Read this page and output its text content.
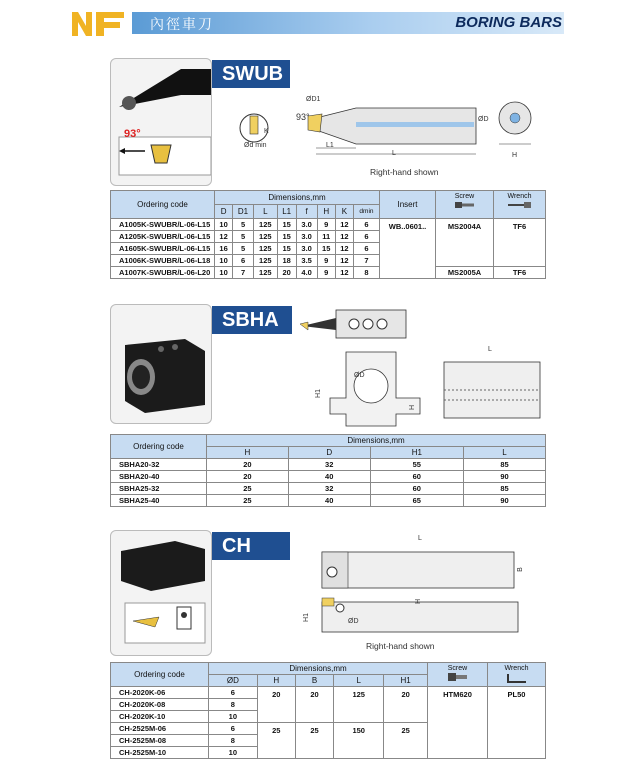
內徑車刀	BORING BARS
93°
SWUB
ØD1
93°
K
Ød min	L1
L
ØD
H
Right-hand shown
Ordering code	Dimensions,mm								Insert	Screw	Wrench

	D	D1	L	L1	f	H	K	dmin			
A1005K-SWUBR/L-06-L15	10	5	125	15	3.0	9	12	6	WB..0601..	MS2004A	TF6
A1205K-SWUBR/L-06-L15	12	5	125	15	3.0	11	12	6			
A1605K-SWUBR/L-06-L15	16	5	125	15	3.0	15	12	6			
A1006K-SWUBR/L-06-L18	10	6	125	18	3.5	9	12	7			
A1007K-SWUBR/L-06-L20	10	7	125	20	4.0	9	12	8		MS2005A	TF6
SBHA
ØD
H1
H
L
Ordering code	Dimensions,mm			
	H	D	H1	L
SBHA20-32	20	32	55	85
SBHA20-40	20	40	60	90
SBHA25-32	25	32	60	85
SBHA25-40	25	40	65	90
CH	L
B
H
H1	ØD
Right-hand shown
Ordering code	Dimensions,mm					Screw	Wrench

	ØD	H	B	L	H1		
CH-2020K-06	6	20	20	125	20	HTM620	PL50
CH-2020K-08	8						
CH-2020K-10	10						
CH-2525M-06	6	25	25	150	25		
CH-2525M-08	8						
CH-2525M-10	10						
